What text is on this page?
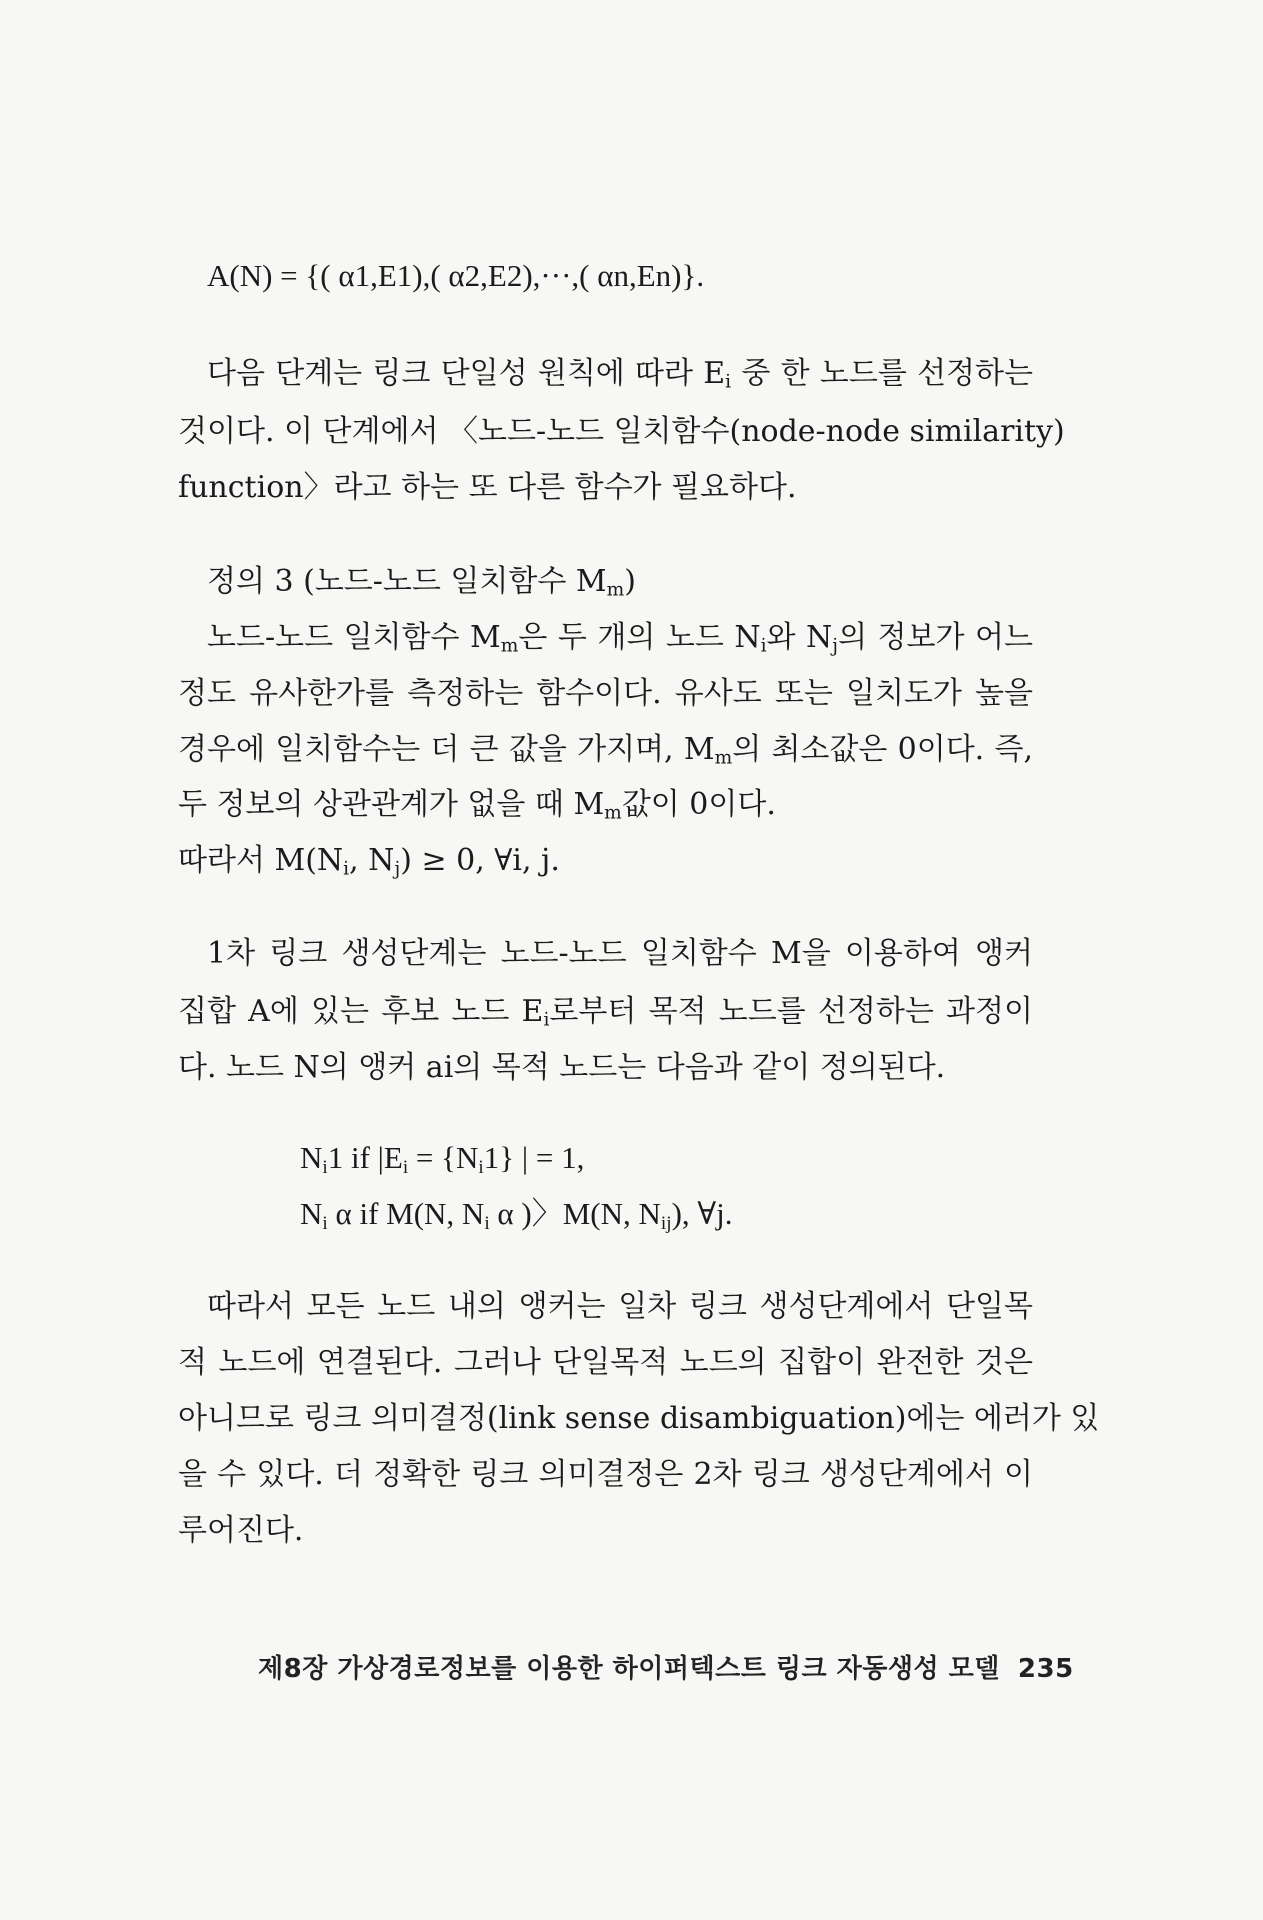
A(N) = {( α1,E1),( α2,E2),···,( αn,En)}.
다음 단계는 링크 단일성 원칙에 따라 $E_i$ 중 한 노드를 선정하는
것이다. 이 단계에서 〈노드-노드 일치함수(node-node similarity)
function〉라고 하는 또 다른 함수가 필요하다.
정의 3 (노드-노드 일치함수 $M_m$)
노드-노드 일치함수 $M_m$은 두 개의 노드 $N_i$와 $N_j$의 정보가 어느
정도 유사한가를 측정하는 함수이다. 유사도 또는 일치도가 높을
경우에 일치함수는 더 큰 값을 가지며, $M_m$의 최소값은 0이다. 즉,
두 정보의 상관관계가 없을 때 $M_m$값이 0이다.
따라서 $M(N_i$, $N_j) \ge 0$, ∀i, j.
1차 링크 생성단계는 노드-노드 일치함수 M을 이용하여 앵커
집합 A에 있는 후보 노드 $E_i$로부터 목적 노드를 선정하는 과정이
다. 노드 N의 앵커 ai의 목적 노드는 다음과 같이 정의된다.
$N_i1$ if $|E_i = \{N_i1\}$ | = 1,
$N_i$ α if M(N, $N_i$ α )〉M(N, $N_{ij}$), ∀j.
따라서 모든 노드 내의 앵커는 일차 링크 생성단계에서 단일목
적 노드에 연결된다. 그러나 단일목적 노드의 집합이 완전한 것은
아니므로 링크 의미결정(link sense disambiguation)에는 에러가 있
을 수 있다. 더 정확한 링크 의미결정은 2차 링크 생성단계에서 이
루어진다.
제8장 가상경로정보를 이용한 하이퍼텍스트 링크 자동생성 모델 235
